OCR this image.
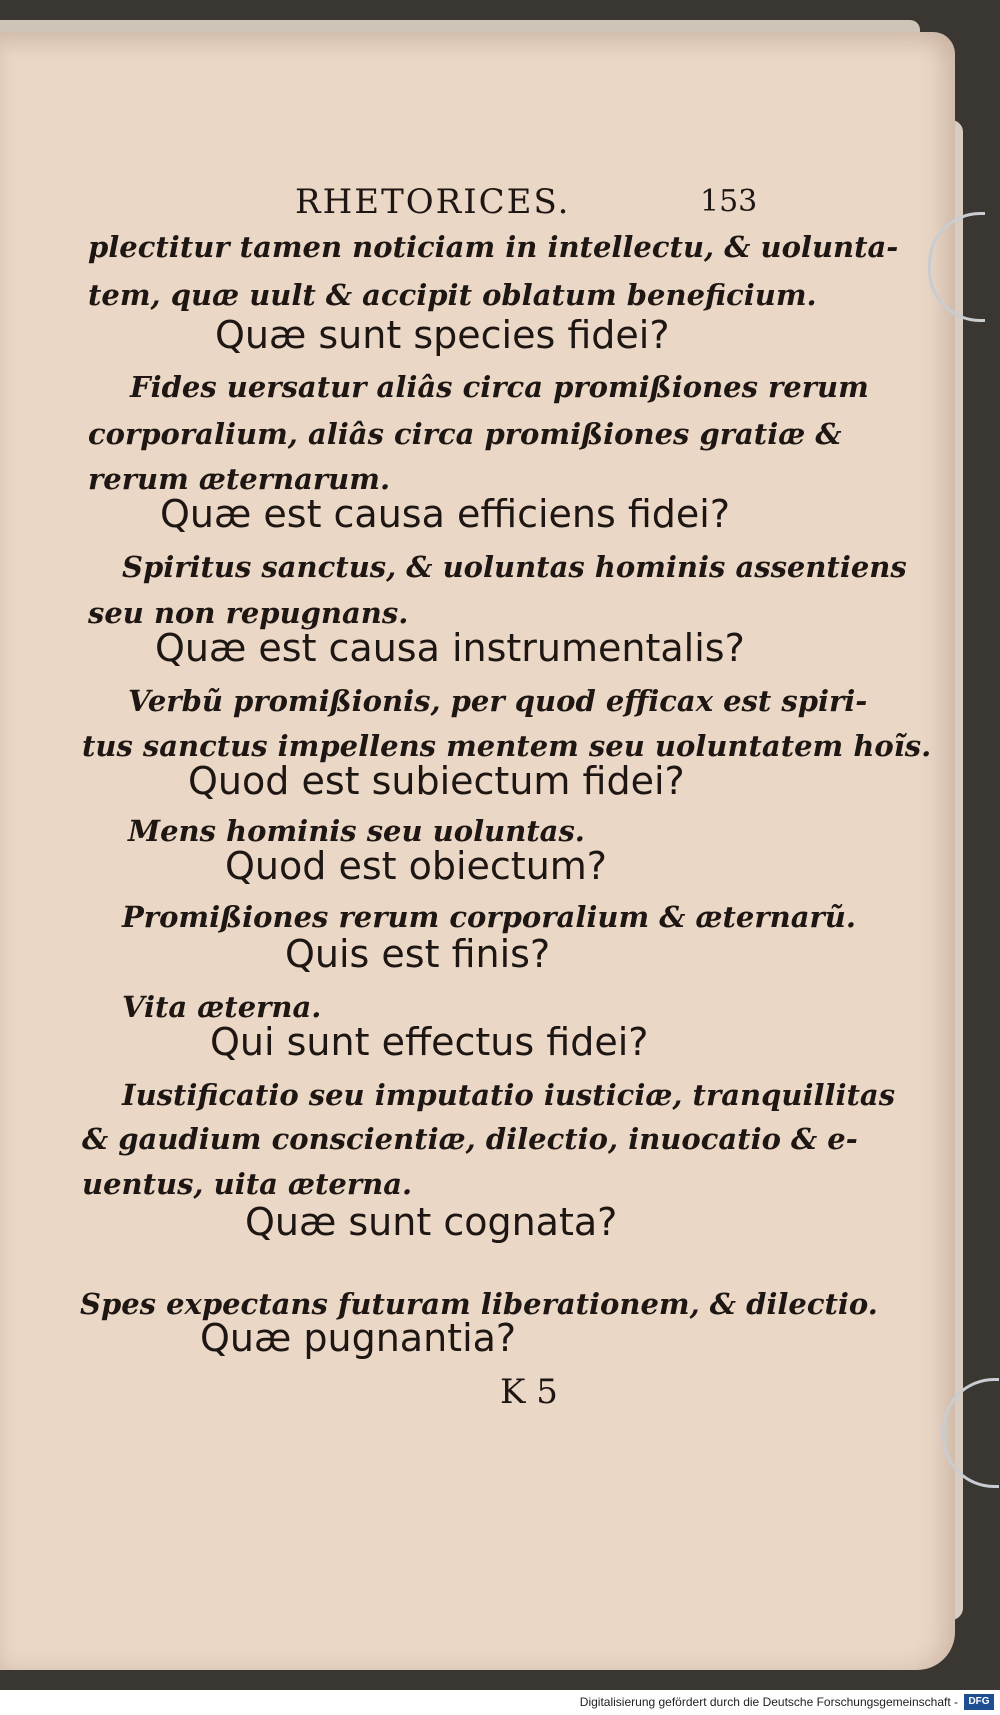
RHETORICES.	153
plectitur tamen noticiam in intellectu, & uolunta-
tem, quæ uult & accipit oblatum beneficium.
Quæ sunt species fidei?
Fides uersatur aliâs circa promißiones rerum
corporalium, aliâs circa promißiones gratiæ &
rerum æternarum.
Quæ est causa efficiens fidei?
Spiritus sanctus, & uoluntas hominis assentiens
seu non repugnans.
Quæ est causa instrumentalis?
Verbũ promißionis, per quod efficax est spiri-
tus sanctus impellens mentem seu uoluntatem hoĩs.
Quod est subiectum fidei?
Mens hominis seu uoluntas.
Quod est obiectum?
Promißiones rerum corporalium & æternarũ.
Quis est finis?
Vita æterna.
Qui sunt effectus fidei?
Iustificatio seu imputatio iusticiæ, tranquillitas
& gaudium conscientiæ, dilectio, inuocatio & e-
uentus, uita æterna.
Quæ sunt cognata?
Spes expectans futuram liberationem, & dilectio.
Quæ pugnantia?
K 5
Digitalisierung gefördert durch die Deutsche Forschungsgemeinschaft -	DFG
